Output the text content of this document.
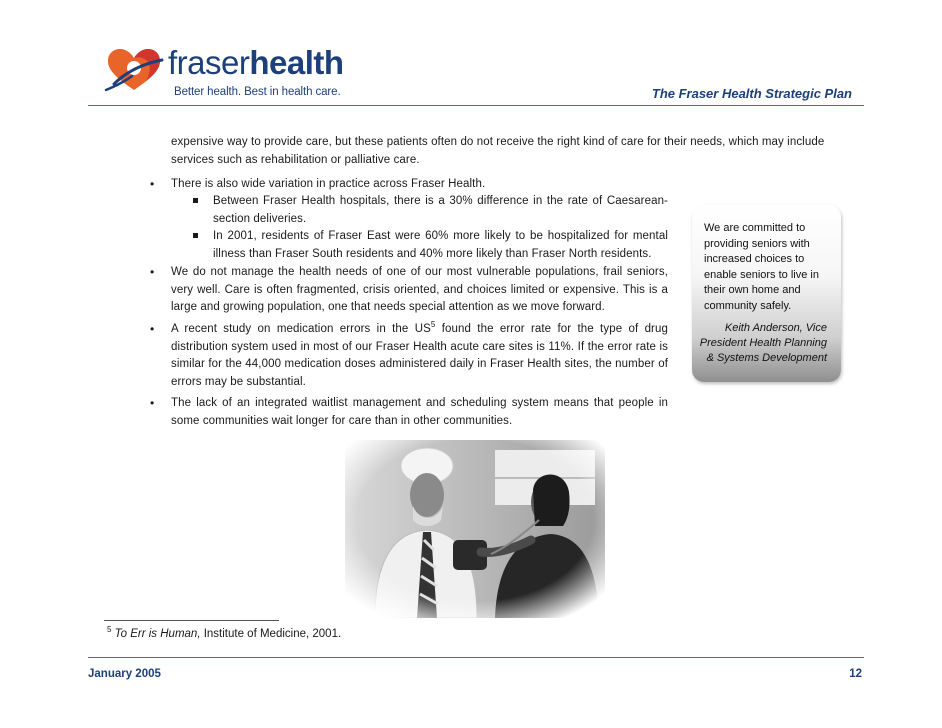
fraserhealth
Better health. Best in health care.	The Fraser Health Strategic Plan
expensive way to provide care, but these patients often do not receive the right kind of care for their needs, which may include
services such as rehabilitation or palliative care.
• There is also wide variation in practice across Fraser Health.
Between Fraser Health hospitals, there is a 30% difference in the rate of Caesarean-section deliveries.
In 2001, residents of Fraser East were 60% more likely to be hospitalized for mental illness than Fraser South residents and 40% more likely than Fraser North residents.
• We do not manage the health needs of one of our most vulnerable populations, frail seniors, very well. Care is often fragmented, crisis oriented, and choices limited or expensive. This is a large and growing population, one that needs special attention as we move forward.
• A recent study on medication errors in the $US^5$ found the error rate for the type of drug distribution system used in most of our Fraser Health acute care sites is 11%. If the error rate is similar for the 44,000 medication doses administered daily in Fraser Health sites, the number of errors may be substantial.
• The lack of an integrated waitlist management and scheduling system means that people in some communities wait longer for care than in other communities.
We are committed to providing seniors with increased choices to enable seniors to live in their own home and community safely.
Keith Anderson, Vice President Health Planning & Systems Development
$^5$ To Err is Human, Institute of Medicine, 2001.
January 2005	12
